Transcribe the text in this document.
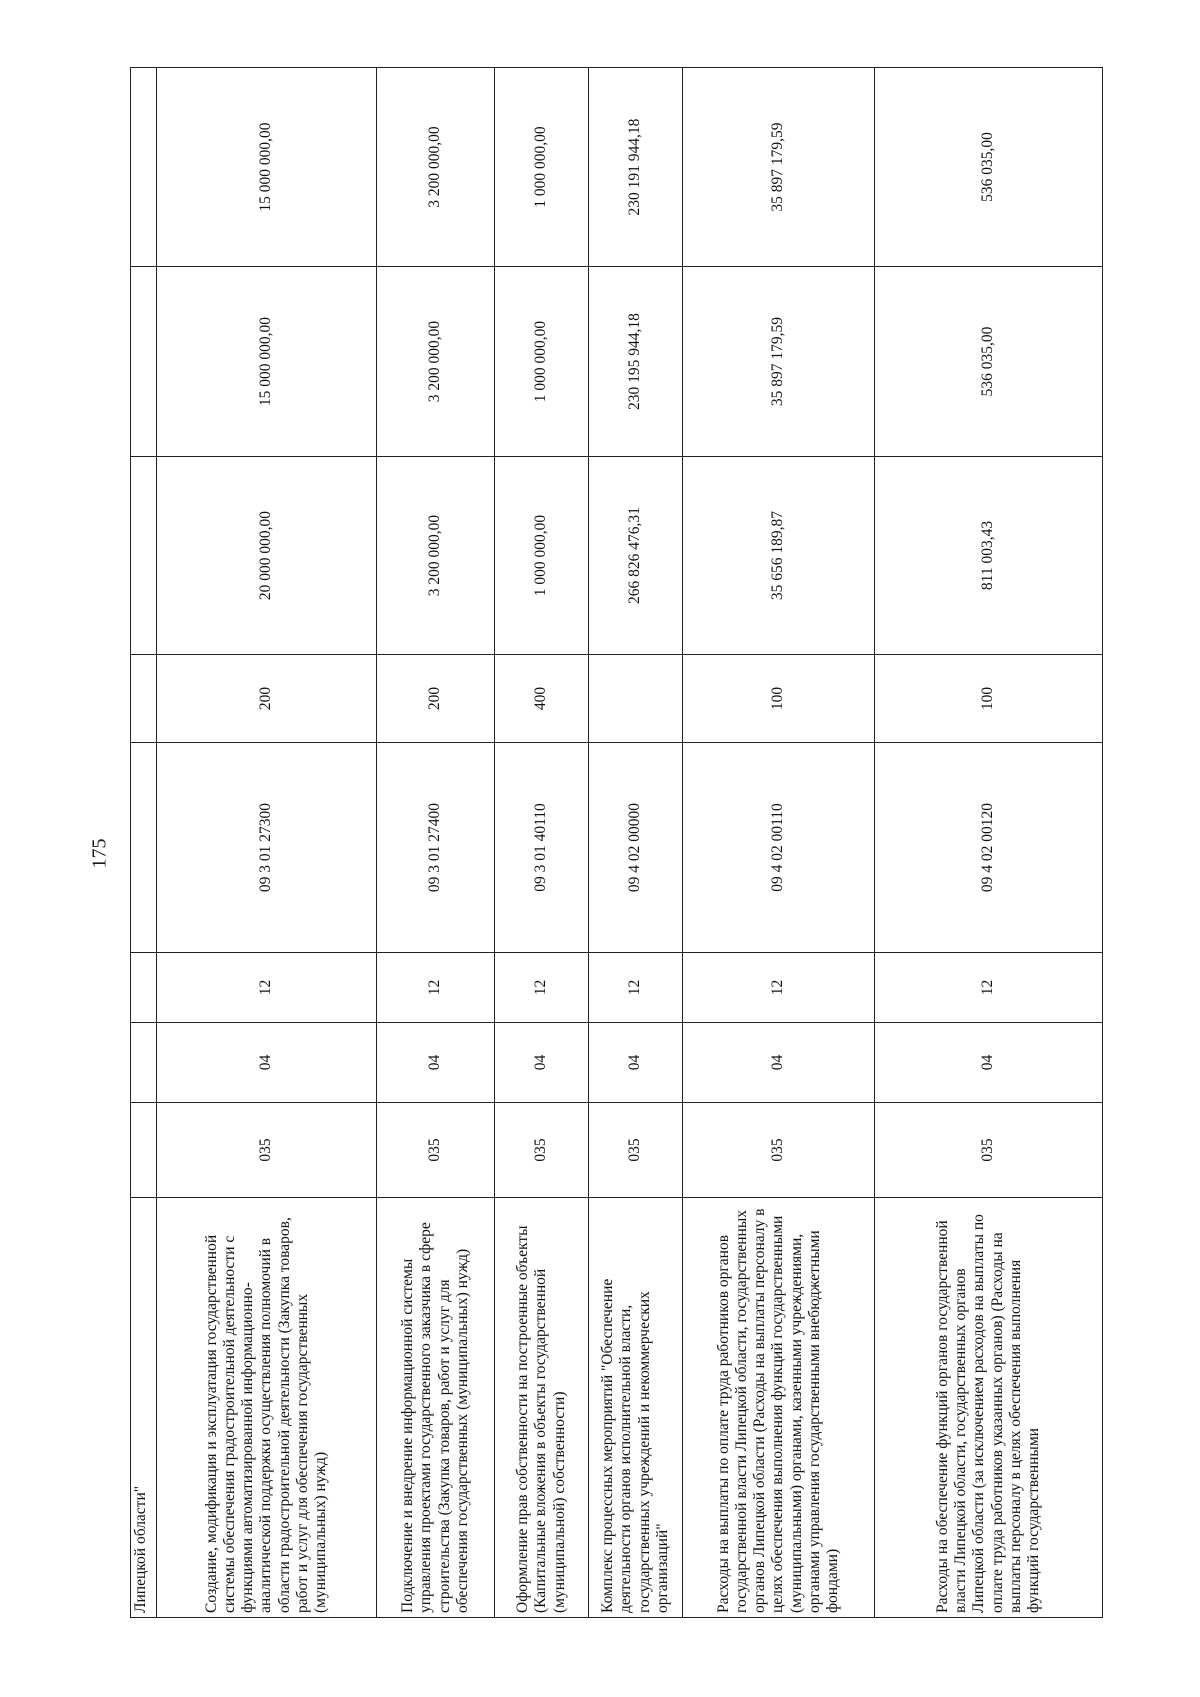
175
Липецкой области"								
Создание, модификация и эксплуатация государственной системы обеспечения градостроительной деятельности с функциями автоматизированной информационно-аналитической поддержки осуществления полномочий в области градостроительной деятельности (Закупка товаров, работ и услуг для обеспечения государственных (муниципальных) нужд)	035	04	12	09 3 01 27300	200	20 000 000,00	15 000 000,00	15 000 000,00
Подключение и внедрение информационной системы управления проектами государственного заказчика в сфере строительства (Закупка товаров, работ и услуг для обеспечения государственных (муниципальных) нужд)	035	04	12	09 3 01 27400	200	3 200 000,00	3 200 000,00	3 200 000,00
Оформление прав собственности на построенные объекты (Капитальные вложения в объекты государственной (муниципальной) собственности)	035	04	12	09 3 01 40110	400	1 000 000,00	1 000 000,00	1 000 000,00
Комплекс процессных мероприятий "Обеспечение деятельности органов исполнительной власти, государственных учреждений и некоммерческих организаций"	035	04	12	09 4 02 00000		266 826 476,31	230 195 944,18	230 191 944,18
Расходы на выплаты по оплате труда работников органов государственной власти Липецкой области, государственных органов Липецкой области (Расходы на выплаты персоналу в целях обеспечения выполнения функций государственными (муниципальными) органами, казенными учреждениями, органами управления государственными внебюджетными фондами)	035	04	12	09 4 02 00110	100	35 656 189,87	35 897 179,59	35 897 179,59
Расходы на обеспечение функций органов государственной власти Липецкой области, государственных органов Липецкой области (за исключением расходов на выплаты по оплате труда работников указанных органов) (Расходы на выплаты персоналу в целях обеспечения выполнения функций государственными	035	04	12	09 4 02 00120	100	811 003,43	536 035,00	536 035,00
